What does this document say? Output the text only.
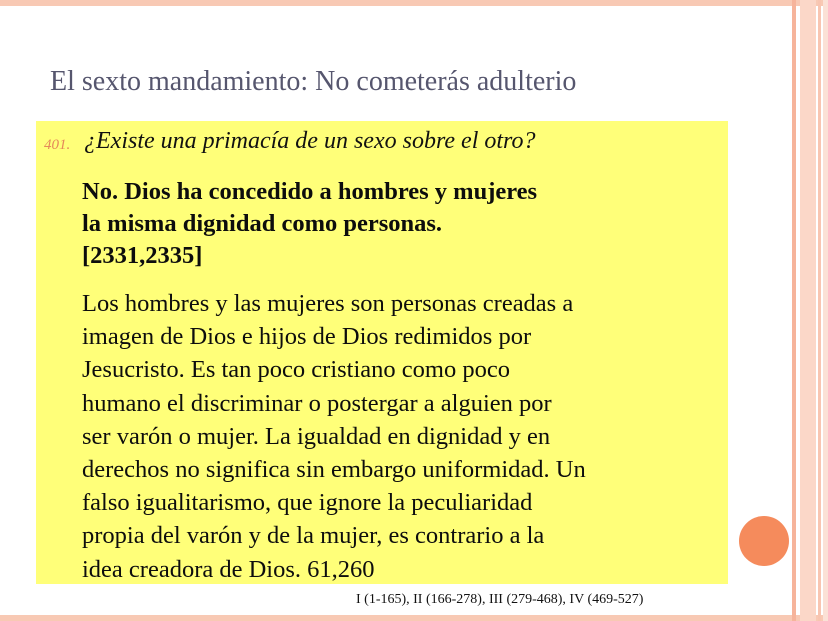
El sexto mandamiento: No cometerás adulterio
401. ¿Existe una primacía de un sexo sobre el otro?
No. Dios ha concedido a hombres y mujeres
la misma dignidad como personas.
[2331,2335]
Los hombres y las mujeres son personas creadas a
imagen de Dios e hijos de Dios redimidos por
Jesucristo. Es tan poco cristiano como poco
humano el discriminar o postergar a alguien por
ser varón o mujer. La igualdad en dignidad y en
derechos no significa sin embargo uniformidad. Un
falso igualitarismo, que ignore la peculiaridad
propia del varón y de la mujer, es contrario a la
idea creadora de Dios. 61,260
I (1-165), II (166-278), III (279-468), IV (469-527)
